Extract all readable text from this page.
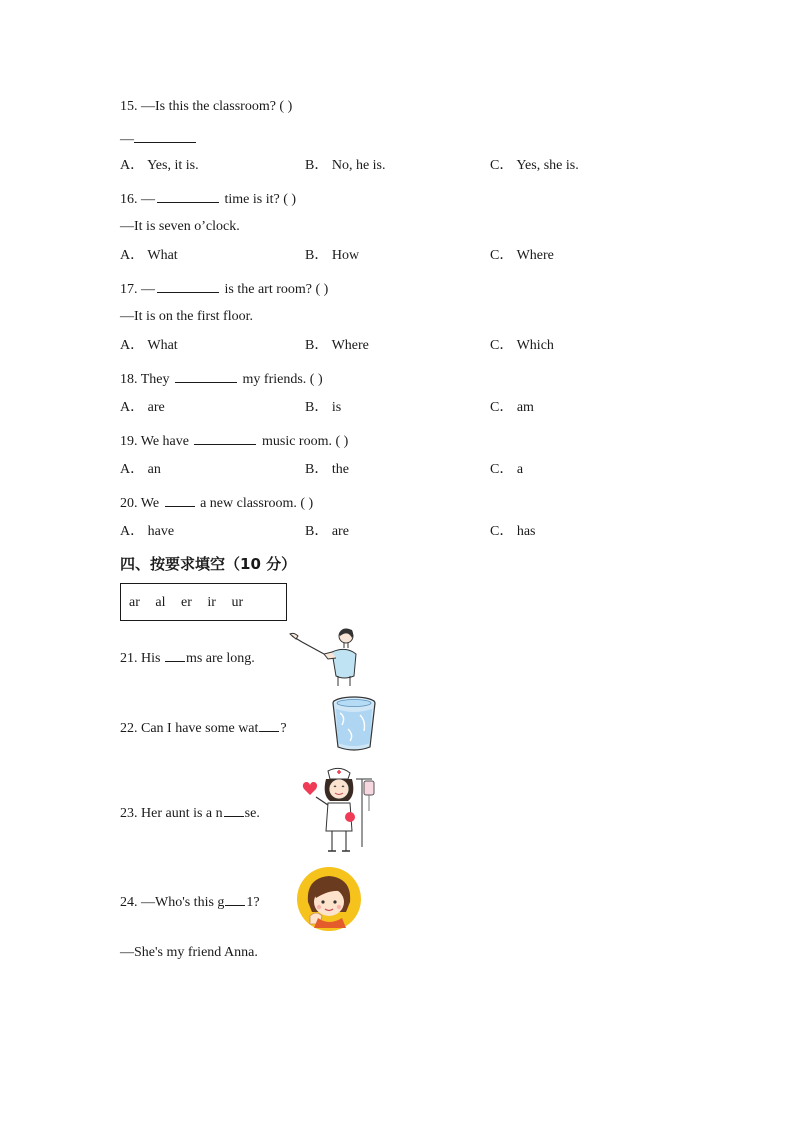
15. —Is this the classroom? ( )
—
A． Yes, it is.	B． No, he is.	C． Yes, she is.
16. —	time is it? ( )
—It is seven o’clock.
A． What	B． How	C． Where
17. —	is the art room? ( )
—It is on the first floor.
A． What	B． Where	C． Which
18. They	my friends. ( )
A． are	B． is	C． am
19. We have	music room. ( )
A． an	B． the	C． a
20. We  a new classroom. ( )
A． have	B． are	C． has
四、按要求填空（10 分）
ar al er ir ur
21. His ms are long.
22. Can I have some wat ?
23. Her aunt is a n se.
24. —Who's this g 1?
—She's my friend Anna.
